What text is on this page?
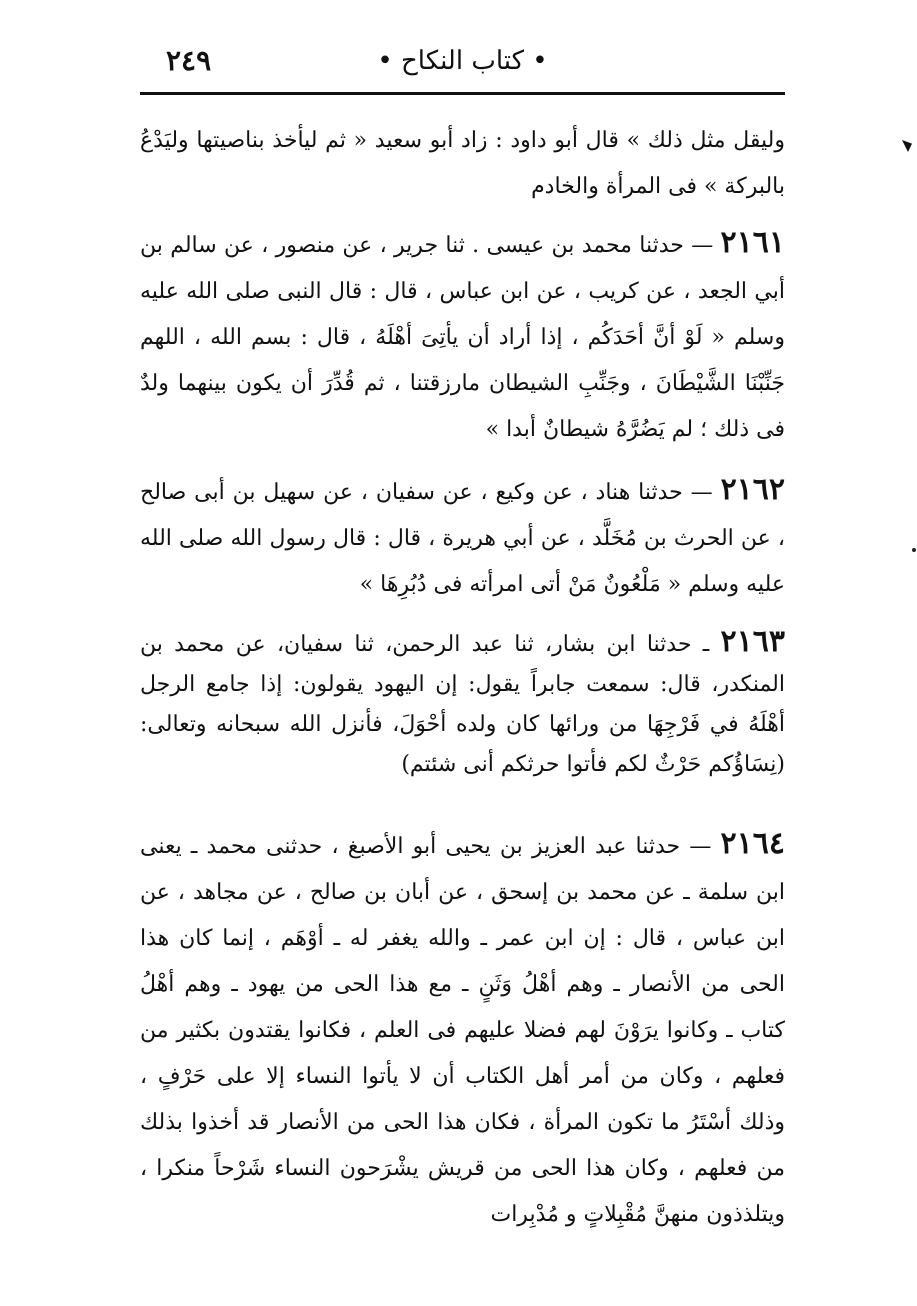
• كتاب النكاح •
٢٤٩

وليقل مثل ذلك » قال أبو داود : زاد أبو سعيد « ثم ليأخذ بناصيتها وليَدْعُ بالبركة » فى المرأة والخادم

٢١٦١ — حدثنا محمد بن عيسى . ثنا جرير ، عن منصور ، عن سالم بن أبي الجعد ، عن كريب ، عن ابن عباس ، قال : قال النبى صلى الله عليه وسلم « لَوْ أنَّ أحَدَكُم ، إذا أراد أن يأتِىَ أهْلَهُ ، قال : بسم الله ، اللهم جَنِّبْنَا الشَّيْطَانَ ، وجَنِّبِ الشيطان مارزقتنا ، ثم قُدِّرَ أن يكون بينهما ولدٌ فى ذلك ؛ لم يَضُرَّهُ شيطانٌ أبدا »

٢١٦٢ — حدثنا هناد ، عن وكيع ، عن سفيان ، عن سهيل بن أبى صالح ، عن الحرث بن مُخَلَّد ، عن أبي هريرة ، قال : قال رسول الله صلى الله عليه وسلم « مَلْعُونٌ مَنْ أتى امرأته فى دُبُرِهَا »

٢١٦٣ ـ حدثنا ابن بشار، ثنا عبد الرحمن، ثنا سفيان، عن محمد بن المنكدر، قال: سمعت جابراً يقول: إن اليهود يقولون: إذا جامع الرجل أهْلَهُ في فَرْجِهَا من ورائها كان ولده أحْوَلَ، فأنزل الله سبحانه وتعالى: (نِسَاؤُكم حَرْثٌ لكم فأتوا حرثكم أنى شئتم)

٢١٦٤ — حدثنا عبد العزيز بن يحيى أبو الأصبغ ، حدثنى محمد ـ يعنى ابن سلمة ـ عن محمد بن إسحق ، عن أبان بن صالح ، عن مجاهد ، عن ابن عباس ، قال : إن ابن عمر ـ والله يغفر له ـ أوْهَم ، إنما كان هذا الحى من الأنصار ـ وهم أهْلُ وَثَنٍ ـ مع هذا الحى من يهود ـ وهم أهْلُ كتاب ـ وكانوا يرَوْنَ لهم فضلا عليهم فى العلم ، فكانوا يقتدون بكثير من فعلهم ، وكان من أمر أهل الكتاب أن لا يأتوا النساء إلا على حَرْفٍ ، وذلك أسْتَرُ ما تكون المرأة ، فكان هذا الحى من الأنصار قد أخذوا بذلك من فعلهم ، وكان هذا الحى من قريش يشْرَحون النساء شَرْحاً منكرا ، ويتلذذون منهنَّ مُقْبِلاتٍ و مُدْبِرات
